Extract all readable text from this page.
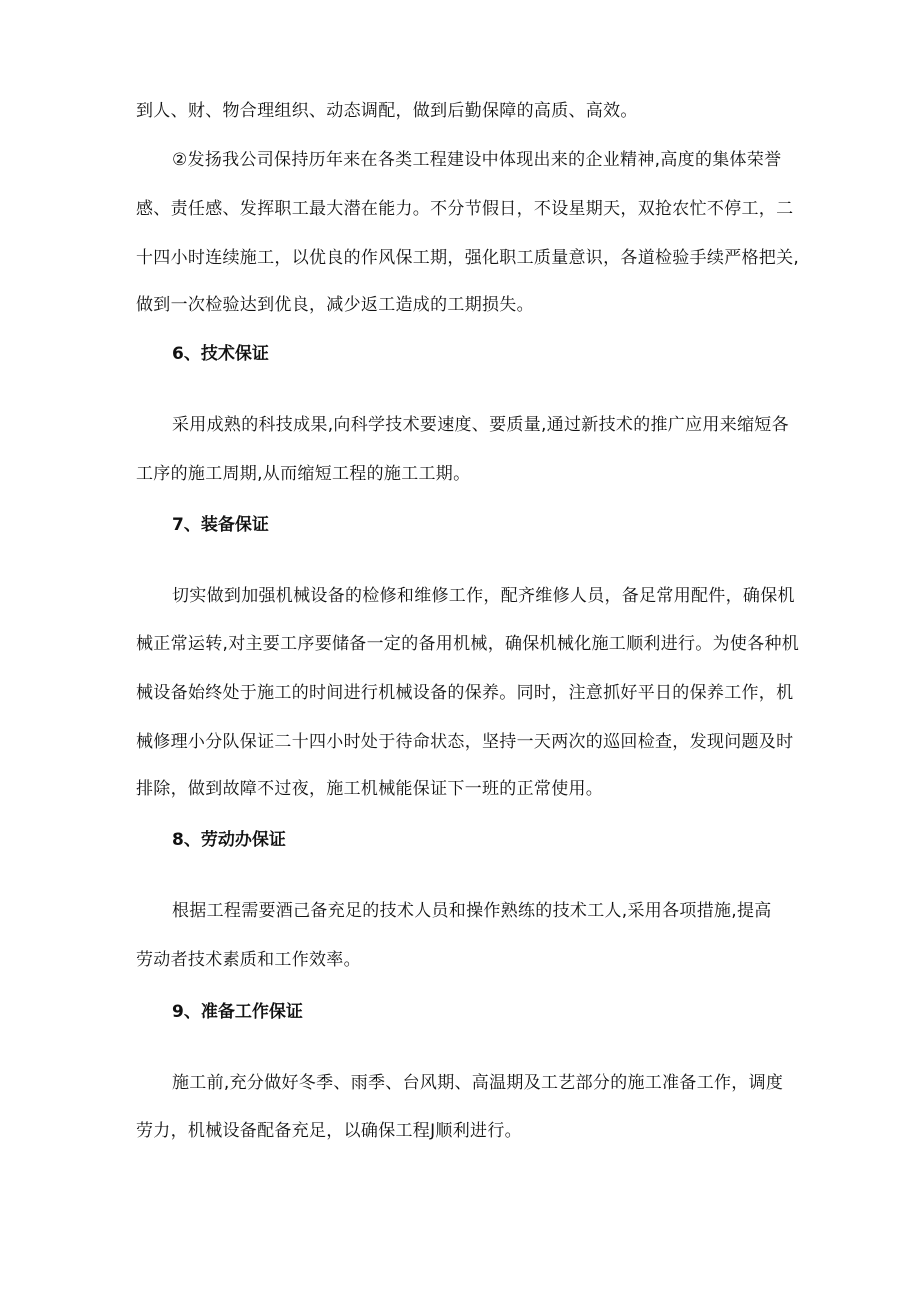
到人、财、物合理组织、动态调配，做到后勤保障的高质、高效。
②发扬我公司保持历年来在各类工程建设中体现出来的企业精神,高度的集体荣誉
感、责任感、发挥职工最大潜在能力。不分节假日，不设星期天，双抢农忙不停工，二
十四小时连续施工，以优良的作风保工期，强化职工质量意识，各道检验手续严格把关,
做到一次检验达到优良，减少返工造成的工期损失。
6、技术保证
采用成熟的科技成果,向科学技术要速度、要质量,通过新技术的推广应用来缩短各
工序的施工周期,从而缩短工程的施工工期。
7、装备保证
切实做到加强机械设备的检修和维修工作，配齐维修人员，备足常用配件，确保机
械正常运转,对主要工序要储备一定的备用机械，确保机械化施工顺利进行。为使各种机
械设备始终处于施工的时间进行机械设备的保养。同时，注意抓好平日的保养工作，机
械修理小分队保证二十四小时处于待命状态，坚持一天两次的巡回检查，发现问题及时
排除，做到故障不过夜，施工机械能保证下一班的正常使用。
8、劳动办保证
根据工程需要酒己备充足的技术人员和操作熟练的技术工人,采用各项措施,提高
劳动者技术素质和工作效率。
9、准备工作保证
施工前,充分做好冬季、雨季、台风期、高温期及工艺部分的施工准备工作，调度
劳力，机械设备配备充足，以确保工程J顺利进行。
